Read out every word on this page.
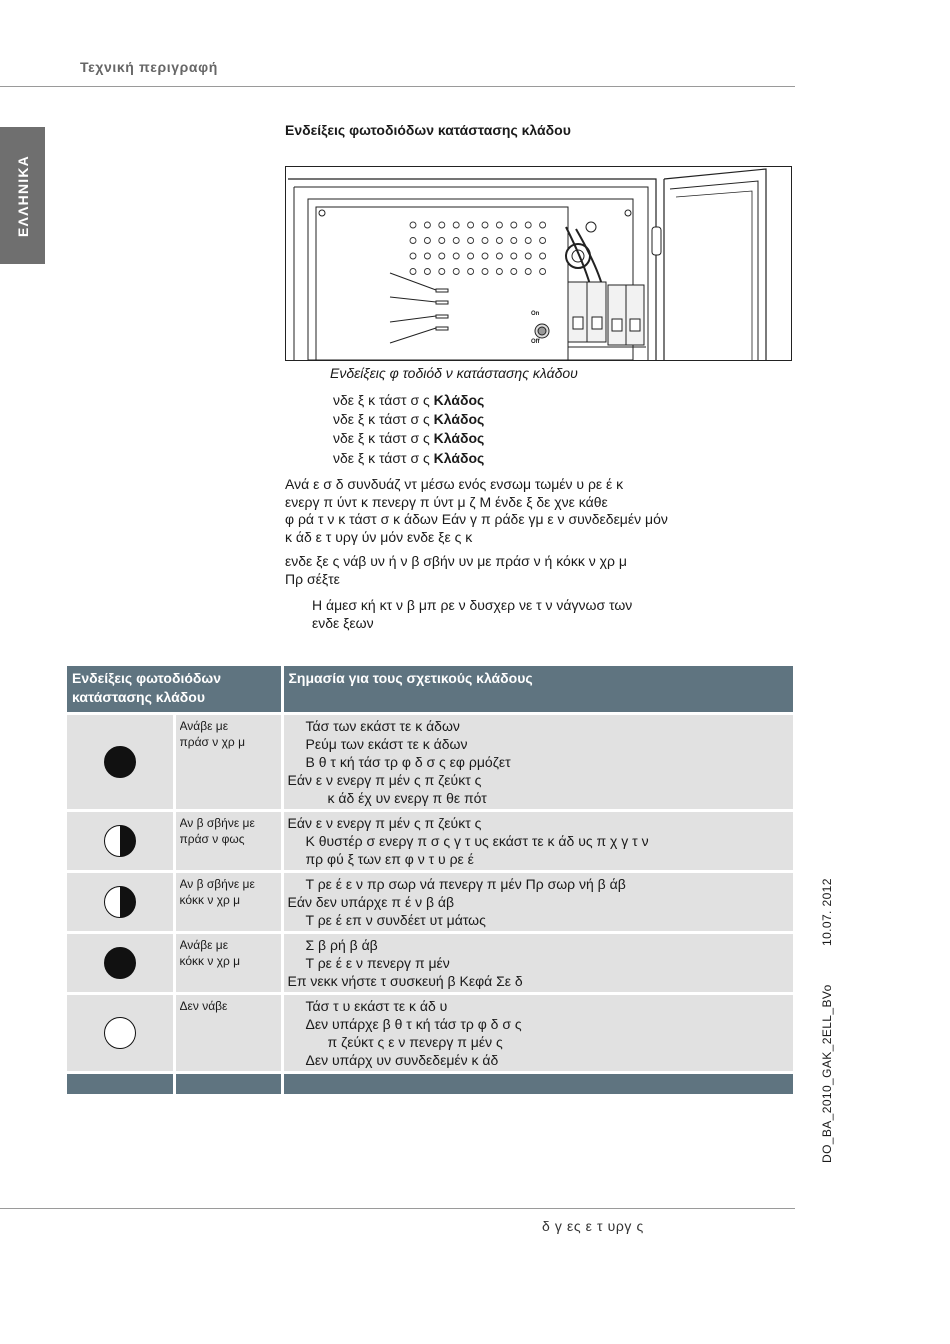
Τεχνική περιγραφή
ΕΛΛΗΝΙΚΑ
Ενδείξεις φωτοδιόδων κατάστασης κλάδου
On
Off
Ενδείξεις φ τοδιόδ ν κατάστασης κλάδου
νδε ξ κ τάστ σ ς Κλάδος
νδε ξ κ τάστ σ ς Κλάδος
νδε ξ κ τάστ σ ς Κλάδος
νδε ξ κ τάστ σ ς Κλάδος
Ανά ε σ δ συνδυάζ ντ μέσω ενός ενσωμ τωμέν υ ρε έ κ
ενεργ π ύντ κ πενεργ π ύντ μ ζ Μ ένδε ξ δε χνε κάθε
φ ρά τ ν κ τάστ σ κ άδων Εάν γ π ράδε γμ ε ν συνδεδεμέν μόν
κ άδ ε τ υργ ύν μόν ενδε ξε ς κ
ενδε ξε ς νάβ υν ή ν β σβήν υν με πράσ ν ή κόκκ ν χρ μ
Πρ σέξτε
Η άμεσ κή κτ ν β μπ ρε ν δυσχερ νε τ ν νάγνωσ των
ενδε ξεων
Ενδείξεις φωτοδιόδων κατάστασης κλάδου		Σημασία για τους σχετικούς κλάδους

	Ανάβε με
πράσ ν χρ μ	Τάσ των εκάστ τε κ άδων
Ρεύμ των εκάστ τε κ άδων
Β θ τ κή τάσ τρ φ δ σ ς εφ ρμόζετ
Εάν ε ν ενεργ π μέν ς π ζεύκτ ς
κ άδ έχ υν ενεργ π θε πότ

	Αν β σβήνε με
πράσ ν φως	Εάν ε ν ενεργ π μέν ς π ζεύκτ ς
Κ θυστέρ σ ενεργ π σ ς γ τ υς εκάστ τε κ άδ υς π χ γ τ ν
πρ φύ ξ των επ φ ν τ υ ρε έ

	Αν β σβήνε με
κόκκ ν χρ μ	Τ ρε έ ε ν πρ σωρ νά πενεργ π μέν Πρ σωρ νή β άβ
Εάν δεν υπάρχε π έ ν β άβ
Τ ρε έ επ ν συνδέετ υτ μάτως

	Ανάβε με
κόκκ ν χρ μ	Σ β ρή β άβ
Τ ρε έ ε ν πενεργ π μέν
Επ νεκκ νήστε τ συσκευή β Κεφά Σε δ

	Δεν νάβε	Τάσ τ υ εκάστ τε κ άδ υ
Δεν υπάρχε β θ τ κή τάσ τρ φ δ σ ς
π ζεύκτ ς ε ν πενεργ π μέν ς
Δεν υπάρχ υν συνδεδεμέν κ άδ

10.07. 2012
DO_BA_2010_GAK_2ELL_BVo
δ γ ες ε τ υργ ς
